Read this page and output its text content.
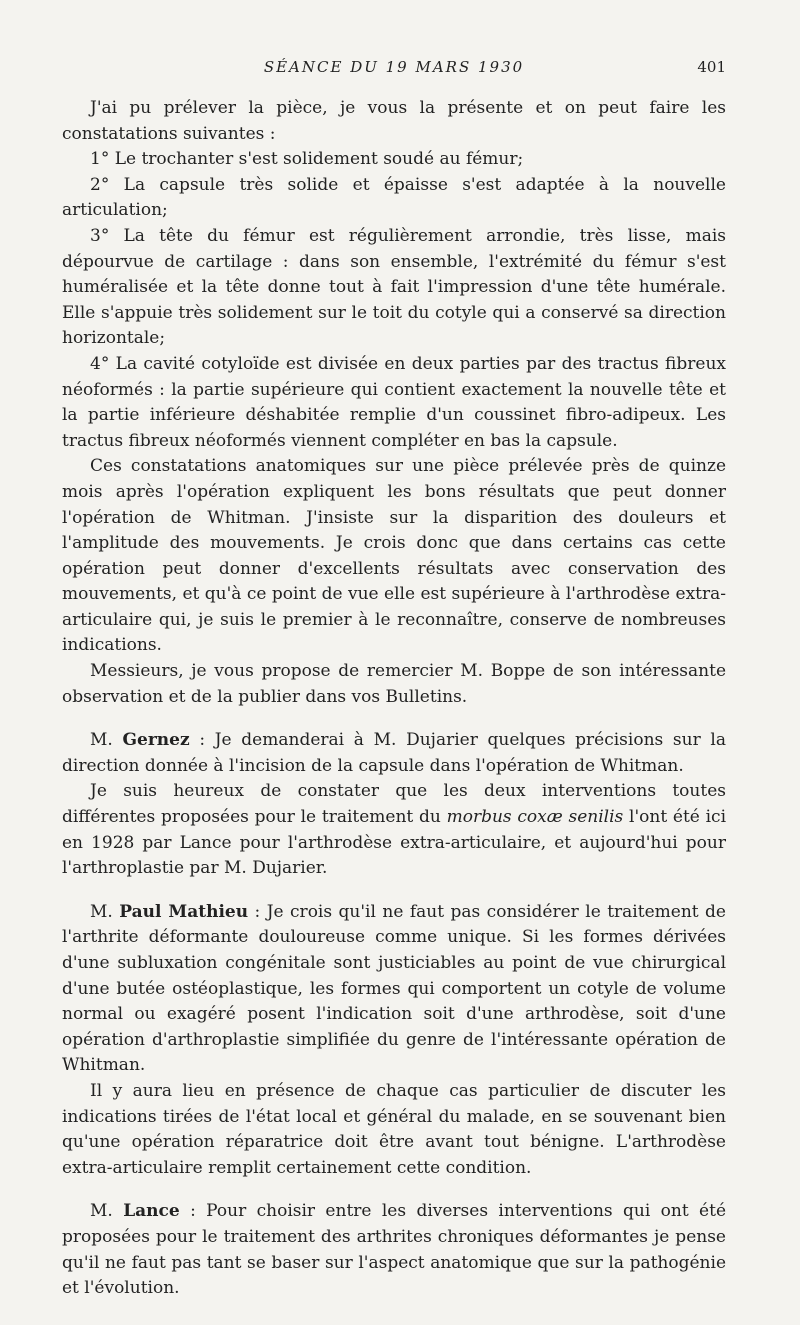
SÉANCE DU 19 MARS 1930	401

J'ai pu prélever la pièce, je vous la présente et on peut faire les constatations suivantes :

1° Le trochanter s'est solidement soudé au fémur;

2° La capsule très solide et épaisse s'est adaptée à la nouvelle articulation;

3° La tête du fémur est régulièrement arrondie, très lisse, mais dépourvue de cartilage : dans son ensemble, l'extrémité du fémur s'est huméralisée et la tête donne tout à fait l'impression d'une tête humérale. Elle s'appuie très solidement sur le toit du cotyle qui a conservé sa direction horizontale;

4° La cavité cotyloïde est divisée en deux parties par des tractus fibreux néoformés : la partie supérieure qui contient exactement la nouvelle tête et la partie inférieure déshabitée remplie d'un coussinet fibro-adipeux. Les tractus fibreux néoformés viennent compléter en bas la capsule.

Ces constatations anatomiques sur une pièce prélevée près de quinze mois après l'opération expliquent les bons résultats que peut donner l'opération de Whitman. J'insiste sur la disparition des douleurs et l'amplitude des mouvements. Je crois donc que dans certains cas cette opération peut donner d'excellents résultats avec conservation des mouvements, et qu'à ce point de vue elle est supérieure à l'arthrodèse extra-articulaire qui, je suis le premier à le reconnaître, conserve de nombreuses indications.

Messieurs, je vous propose de remercier M. Boppe de son intéressante observation et de la publier dans vos Bulletins.

M. Gernez : Je demanderai à M. Dujarier quelques précisions sur la direction donnée à l'incision de la capsule dans l'opération de Whitman.

Je suis heureux de constater que les deux interventions toutes différentes proposées pour le traitement du morbus coxæ senilis l'ont été ici en 1928 par Lance pour l'arthrodèse extra-articulaire, et aujourd'hui pour l'arthroplastie par M. Dujarier.

M. Paul Mathieu : Je crois qu'il ne faut pas considérer le traitement de l'arthrite déformante douloureuse comme unique. Si les formes dérivées d'une subluxation congénitale sont justiciables au point de vue chirurgical d'une butée ostéoplastique, les formes qui comportent un cotyle de volume normal ou exagéré posent l'indication soit d'une arthrodèse, soit d'une opération d'arthroplastie simplifiée du genre de l'intéressante opération de Whitman.

Il y aura lieu en présence de chaque cas particulier de discuter les indications tirées de l'état local et général du malade, en se souvenant bien qu'une opération réparatrice doit être avant tout bénigne. L'arthrodèse extra-articulaire remplit certainement cette condition.

M. Lance : Pour choisir entre les diverses interventions qui ont été proposées pour le traitement des arthrites chroniques déformantes je pense qu'il ne faut pas tant se baser sur l'aspect anatomique que sur la pathogénie et l'évolution.
